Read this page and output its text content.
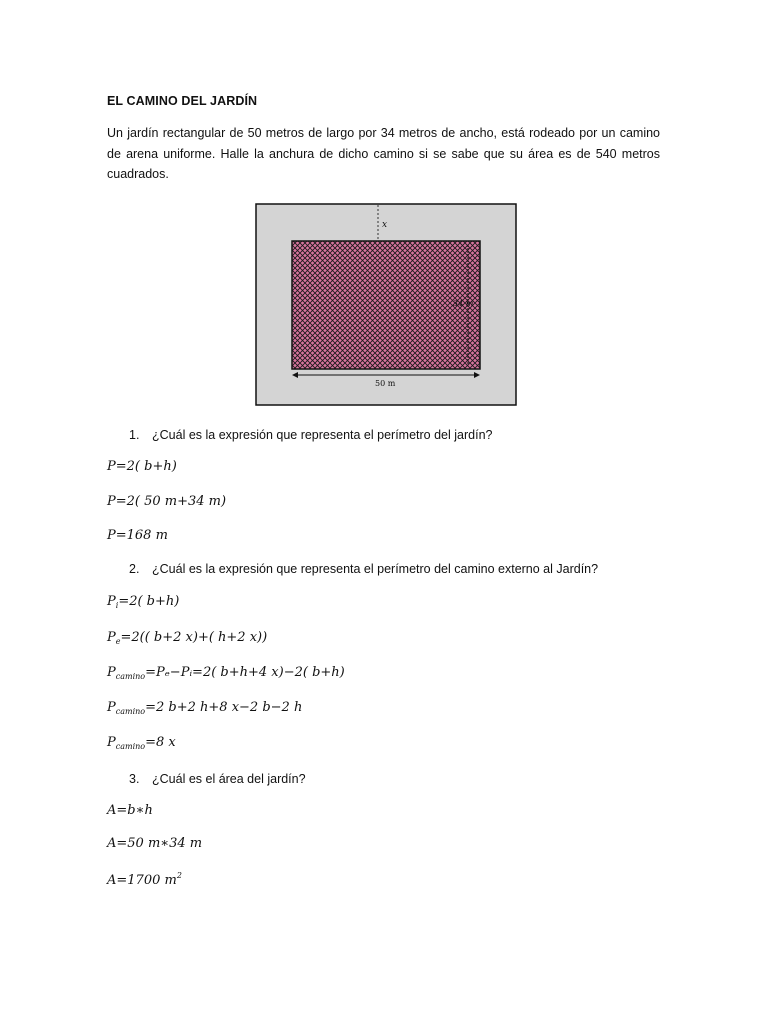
EL CAMINO DEL JARDÍN
Un jardín rectangular de 50 metros de largo por 34 metros de ancho, está rodeado por un camino de arena uniforme. Halle la anchura de dicho camino si se sabe que su área es de 540 metros cuadrados.
x
34 m
50 m
1. ¿Cuál es la expresión que representa el perímetro del jardín?
P=2( b+h)
P=2( 50 m+34 m)
P=168 m
2. ¿Cuál es la expresión que representa el perímetro del camino externo al Jardín?
$P_i=2$( b+h)
$P_e=2$(( b+2 x)+( h+2 x))
$P_{camino}=P_e-Pᵢ=2$( b+h+4 x)−2( b+h)
$P_{camino}=2$ b+2 h+8 x−2 b−2 h
$P_{camino}=8$ x
3. ¿Cuál es el área del jardín?
A=b∗h
A=50 m∗34 m
A=1700 $m^2$
